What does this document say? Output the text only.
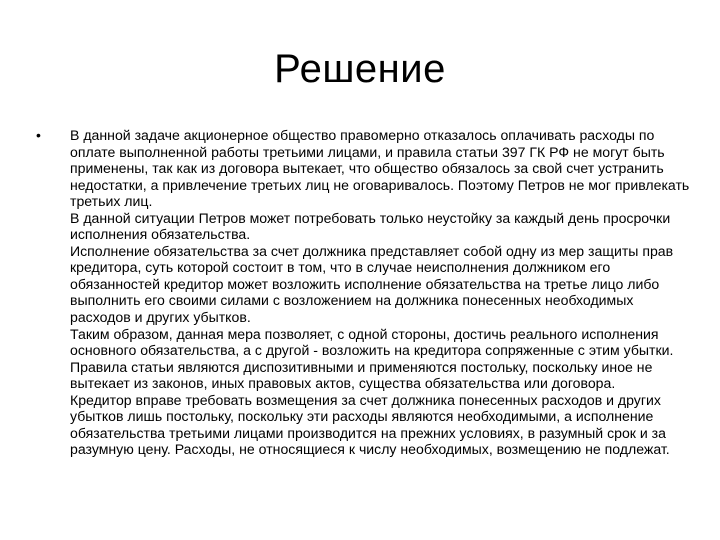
Решение
• В данной задаче акционерное общество правомерно отказалось оплачивать расходы по оплате выполненной работы третьими лицами, и правила статьи 397 ГК РФ не могут быть применены, так как из договора вытекает, что общество обязалось за свой счет устранить недостатки, а привлечение третьих лиц не оговаривалось. Поэтому Петров не мог привлекать третьих лиц.
В данной ситуации Петров может потребовать только неустойку за каждый день просрочки исполнения обязательства.
Исполнение обязательства за счет должника представляет собой одну из мер защиты прав кредитора, суть которой состоит в том, что в случае неисполнения должником его обязанностей кредитор может возложить исполнение обязательства на третье лицо либо выполнить его своими силами с возложением на должника понесенных необходимых расходов и других убытков.
Таким образом, данная мера позволяет, с одной стороны, достичь реального исполнения основного обязательства, а с другой - возложить на кредитора сопряженные с этим убытки.
Правила статьи являются диспозитивными и применяются постольку, поскольку иное не вытекает из законов, иных правовых актов, существа обязательства или договора.
Кредитор вправе требовать возмещения за счет должника понесенных расходов и других убытков лишь постольку, поскольку эти расходы являются необходимыми, а исполнение обязательства третьими лицами производится на прежних условиях, в разумный срок и за разумную цену. Расходы, не относящиеся к числу необходимых, возмещению не подлежат.
